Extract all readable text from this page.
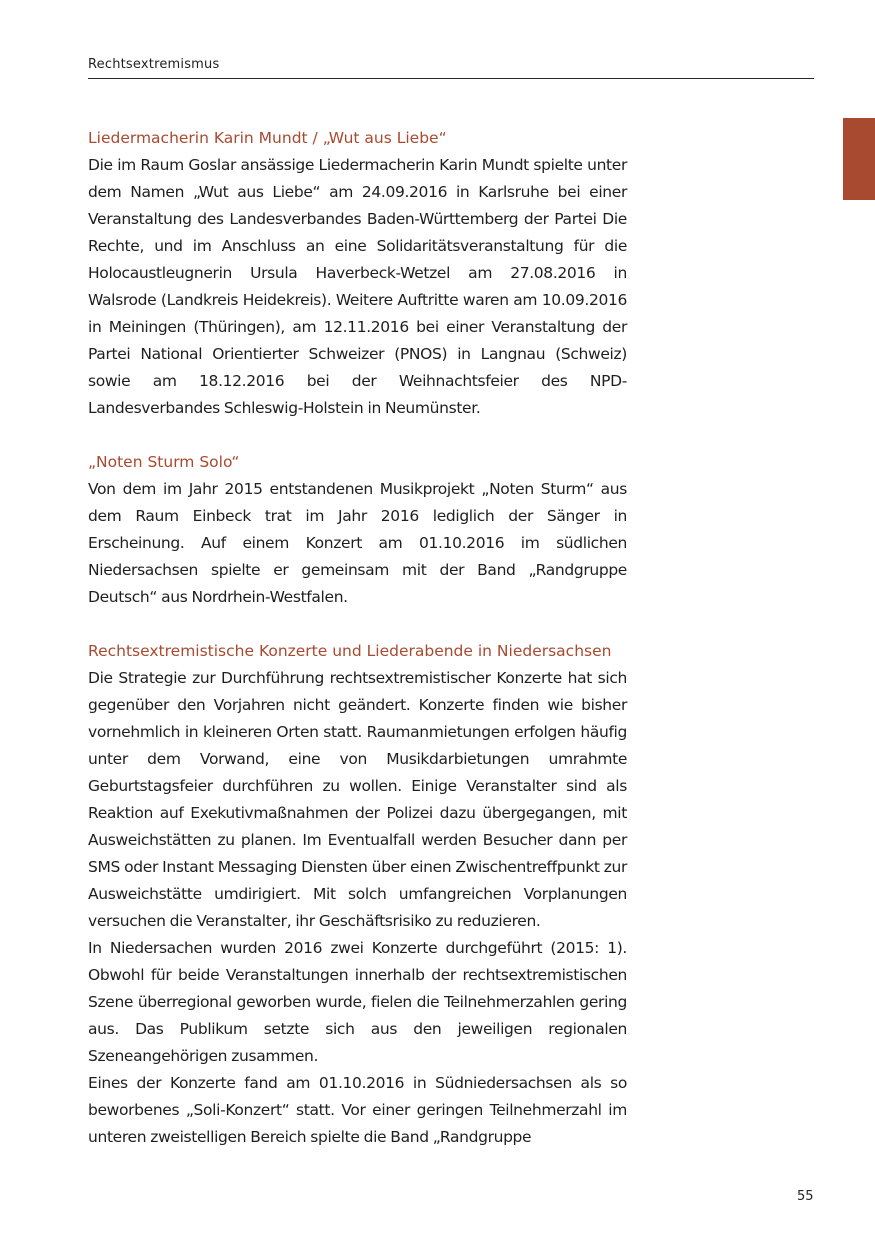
Rechtsextremismus
Liedermacherin Karin Mundt / „Wut aus Liebe“

Die im Raum Goslar ansässige Liedermacherin Karin Mundt spielte unter dem Namen „Wut aus Liebe“ am 24.09.2016 in Karlsruhe bei einer Veranstaltung des Landesverbandes Baden-Württemberg der Partei Die Rechte, und im Anschluss an eine Solidaritätsveranstaltung für die Holocaustleugnerin Ursula Haverbeck-Wetzel am 27.08.2016 in Walsrode (Landkreis Heidekreis). Weitere Auftritte waren am 10.09.2016 in Meiningen (Thüringen), am 12.11.2016 bei einer Veranstaltung der Partei National Orientierter Schweizer (PNOS) in Langnau (Schweiz) sowie am 18.12.2016 bei der Weihnachtsfeier des NPD-Landesverbandes Schleswig-Holstein in Neumünster.

„Noten Sturm Solo“

Von dem im Jahr 2015 entstandenen Musikprojekt „Noten Sturm“ aus dem Raum Einbeck trat im Jahr 2016 lediglich der Sänger in Erscheinung. Auf einem Konzert am 01.10.2016 im südlichen Niedersachsen spielte er gemeinsam mit der Band „Randgruppe Deutsch“ aus Nordrhein-Westfalen.

Rechtsextremistische Konzerte und Liederabende in Niedersachsen

Die Strategie zur Durchführung rechtsextremistischer Konzerte hat sich gegenüber den Vorjahren nicht geändert. Konzerte finden wie bisher vornehmlich in kleineren Orten statt. Raumanmietungen erfolgen häufig unter dem Vorwand, eine von Musikdarbietungen umrahmte Geburtstagsfeier durchführen zu wollen. Einige Veranstalter sind als Reaktion auf Exekutivmaßnahmen der Polizei dazu übergegangen, mit Ausweichstätten zu planen. Im Eventualfall werden Besucher dann per SMS oder Instant Messaging Diensten über einen Zwischentreffpunkt zur Ausweichstätte umdirigiert. Mit solch umfangreichen Vorplanungen versuchen die Veranstalter, ihr Geschäftsrisiko zu reduzieren.

In Niedersachen wurden 2016 zwei Konzerte durchgeführt (2015: 1). Obwohl für beide Veranstaltungen innerhalb der rechtsextremistischen Szene überregional geworben wurde, fielen die Teilnehmerzahlen gering aus. Das Publikum setzte sich aus den jeweiligen regionalen Szeneangehörigen zusammen.

Eines der Konzerte fand am 01.10.2016 in Südniedersachsen als so beworbenes „Soli-Konzert“ statt. Vor einer geringen Teilnehmerzahl im unteren zweistelligen Bereich spielte die Band „Randgruppe

55
